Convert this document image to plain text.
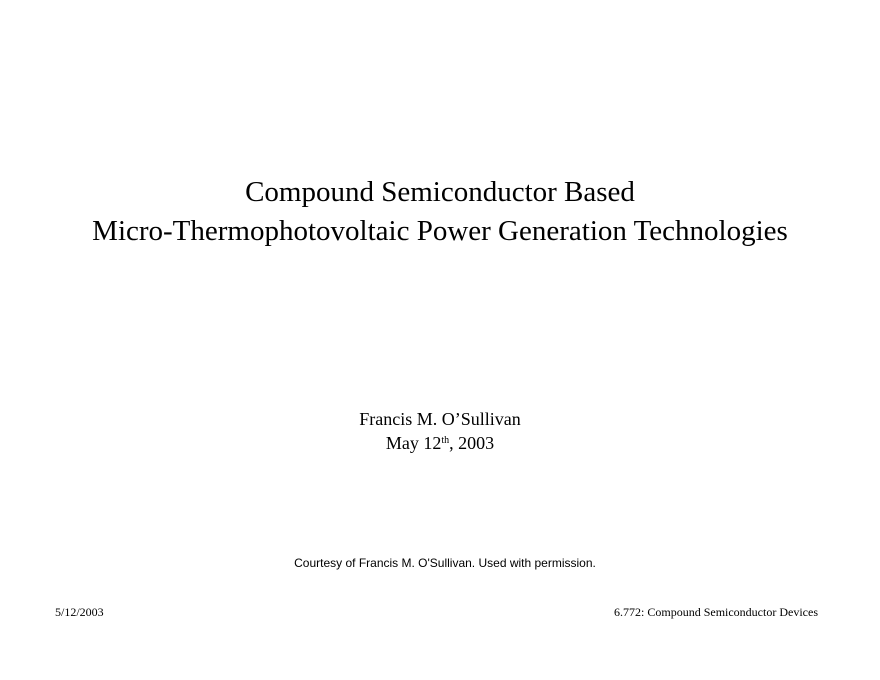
Compound Semiconductor Based
Micro-Thermophotovoltaic Power Generation Technologies
Francis M. O’Sullivan
May 12th, 2003
Courtesy of Francis M. O'Sullivan. Used with permission.
5/12/2003	6.772: Compound Semiconductor Devices
